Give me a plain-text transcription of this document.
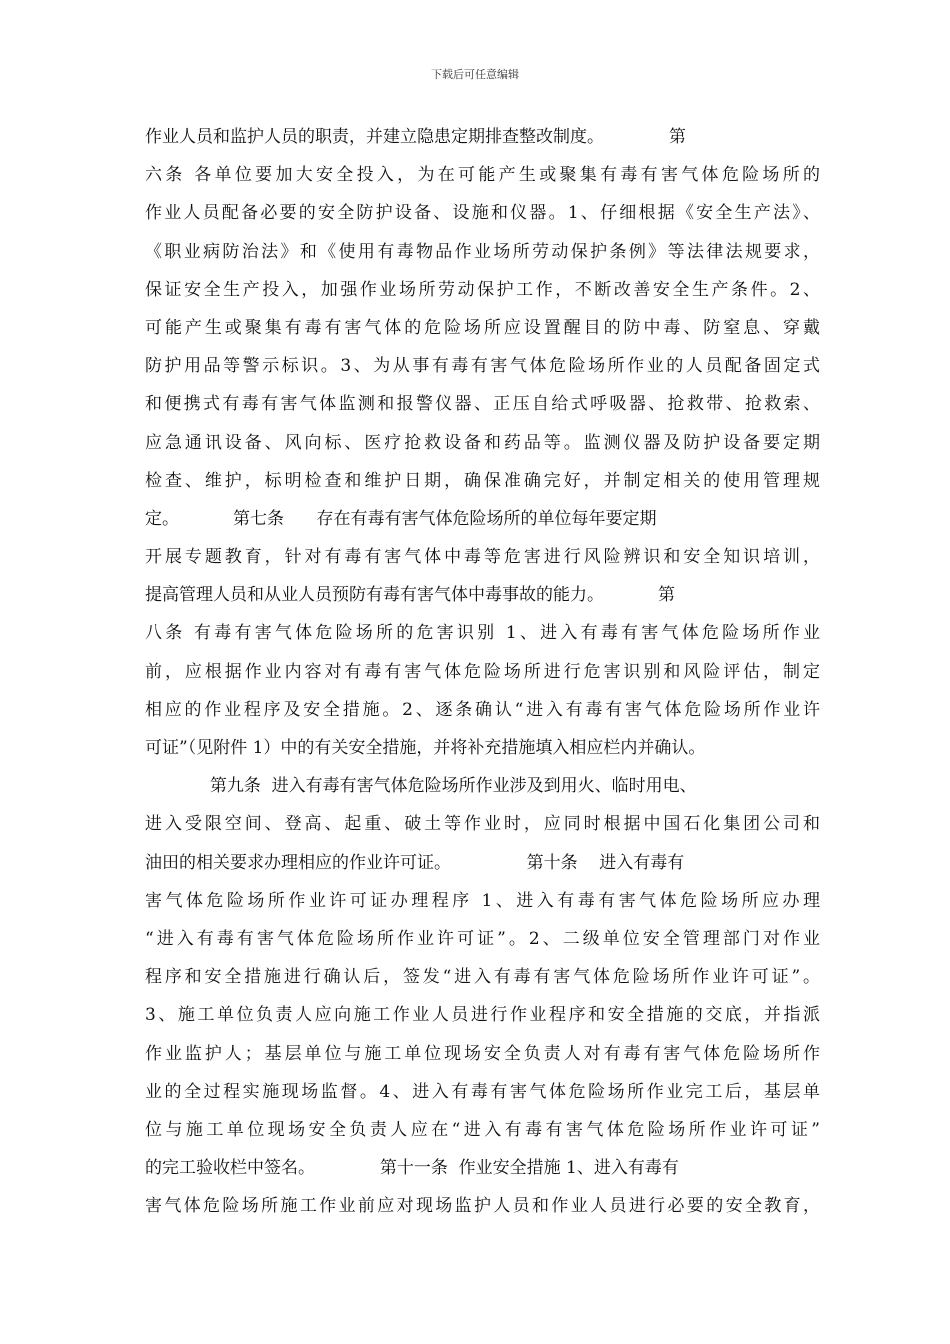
下载后可任意编辑
作业人员和监护人员的职责，并建立隐患定期排查整改制度。            第
六条 各单位要加大安全投入，为在可能产生或聚集有毒有害气体危险场所的
作业人员配备必要的安全防护设备、设施和仪器。1、仔细根据《安全生产法》、
《职业病防治法》和《使用有毒物品作业场所劳动保护条例》等法律法规要求，
保证安全生产投入，加强作业场所劳动保护工作，不断改善安全生产条件。2、
可能产生或聚集有毒有害气体的危险场所应设置醒目的防中毒、防窒息、穿戴
防护用品等警示标识。3、为从事有毒有害气体危险场所作业的人员配备固定式
和便携式有毒有害气体监测和报警仪器、正压自给式呼吸器、抢救带、抢救索、
应急通讯设备、风向标、医疗抢救设备和药品等。监测仪器及防护设备要定期
检查、维护，标明检查和维护日期，确保准确完好，并制定相关的使用管理规
定。          第七条      存在有毒有害气体危险场所的单位每年要定期
开展专题教育，针对有毒有害气体中毒等危害进行风险辨识和安全知识培训，
提高管理人员和从业人员预防有毒有害气体中毒事故的能力。          第
八条 有毒有害气体危险场所的危害识别 1、进入有毒有害气体危险场所作业
前，应根据作业内容对有毒有害气体危险场所进行危害识别和风险评估，制定
相应的作业程序及安全措施。2、逐条确认“进入有毒有害气体危险场所作业许
可证”（见附件 1）中的有关安全措施，并将补充措施填入相应栏内并确认。
第九条  进入有毒有害气体危险场所作业涉及到用火、临时用电、
进入受限空间、登高、起重、破土等作业时，应同时根据中国石化集团公司和
油田的相关要求办理相应的作业许可证。              第十条    进入有毒有
害气体危险场所作业许可证办理程序 1、进入有毒有害气体危险场所应办理
“进入有毒有害气体危险场所作业许可证”。2、二级单位安全管理部门对作业
程序和安全措施进行确认后，签发“进入有毒有害气体危险场所作业许可证”。
3、施工单位负责人应向施工作业人员进行作业程序和安全措施的交底，并指派
作业监护人；基层单位与施工单位现场安全负责人对有毒有害气体危险场所作
业的全过程实施现场监督。4、进入有毒有害气体危险场所作业完工后，基层单
位与施工单位现场安全负责人应在“进入有毒有害气体危险场所作业许可证”
的完工验收栏中签名。            第十一条  作业安全措施 1、进入有毒有
害气体危险场所施工作业前应对现场监护人员和作业人员进行必要的安全教育，
